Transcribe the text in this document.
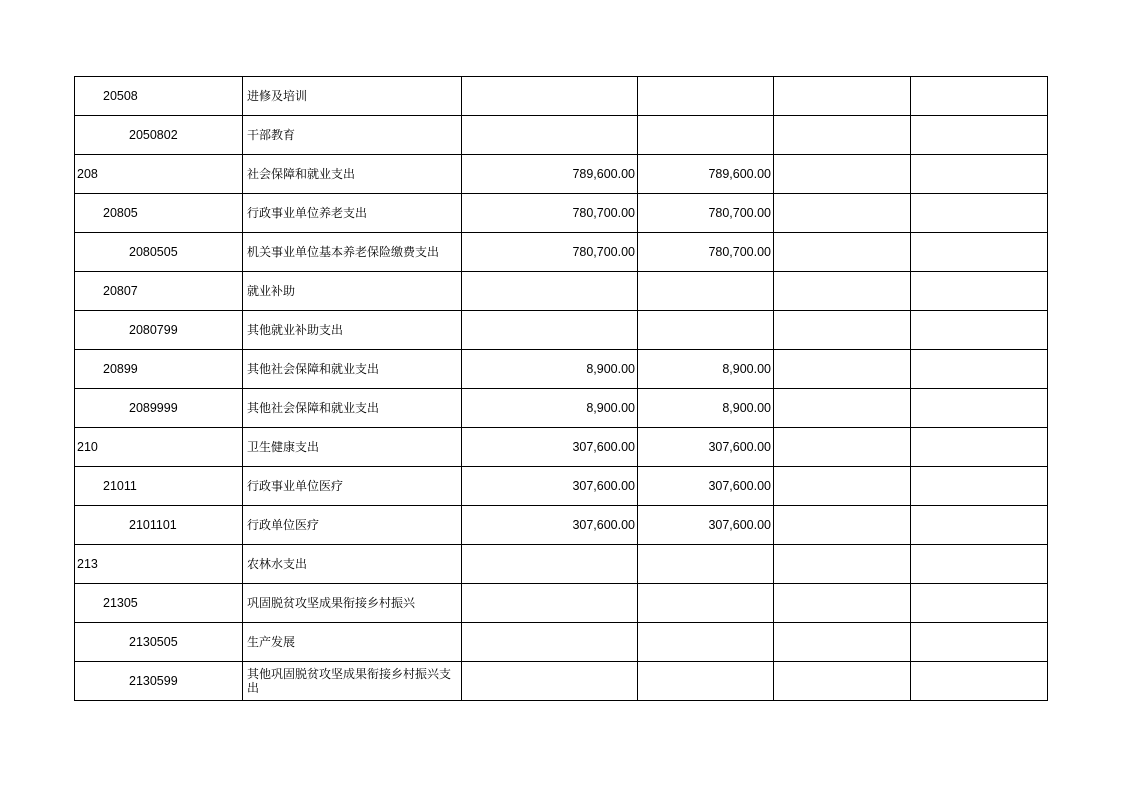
20508	进修及培训				
2050802	干部教育				
208	社会保障和就业支出	789,600.00	789,600.00		
20805	行政事业单位养老支出	780,700.00	780,700.00		
2080505	机关事业单位基本养老保险缴费支出	780,700.00	780,700.00		
20807	就业补助				
2080799	其他就业补助支出				
20899	其他社会保障和就业支出	8,900.00	8,900.00		
2089999	其他社会保障和就业支出	8,900.00	8,900.00		
210	卫生健康支出	307,600.00	307,600.00		
21011	行政事业单位医疗	307,600.00	307,600.00		
2101101	行政单位医疗	307,600.00	307,600.00		
213	农林水支出				
21305	巩固脱贫攻坚成果衔接乡村振兴				
2130505	生产发展				
2130599	其他巩固脱贫攻坚成果衔接乡村振兴支出				
